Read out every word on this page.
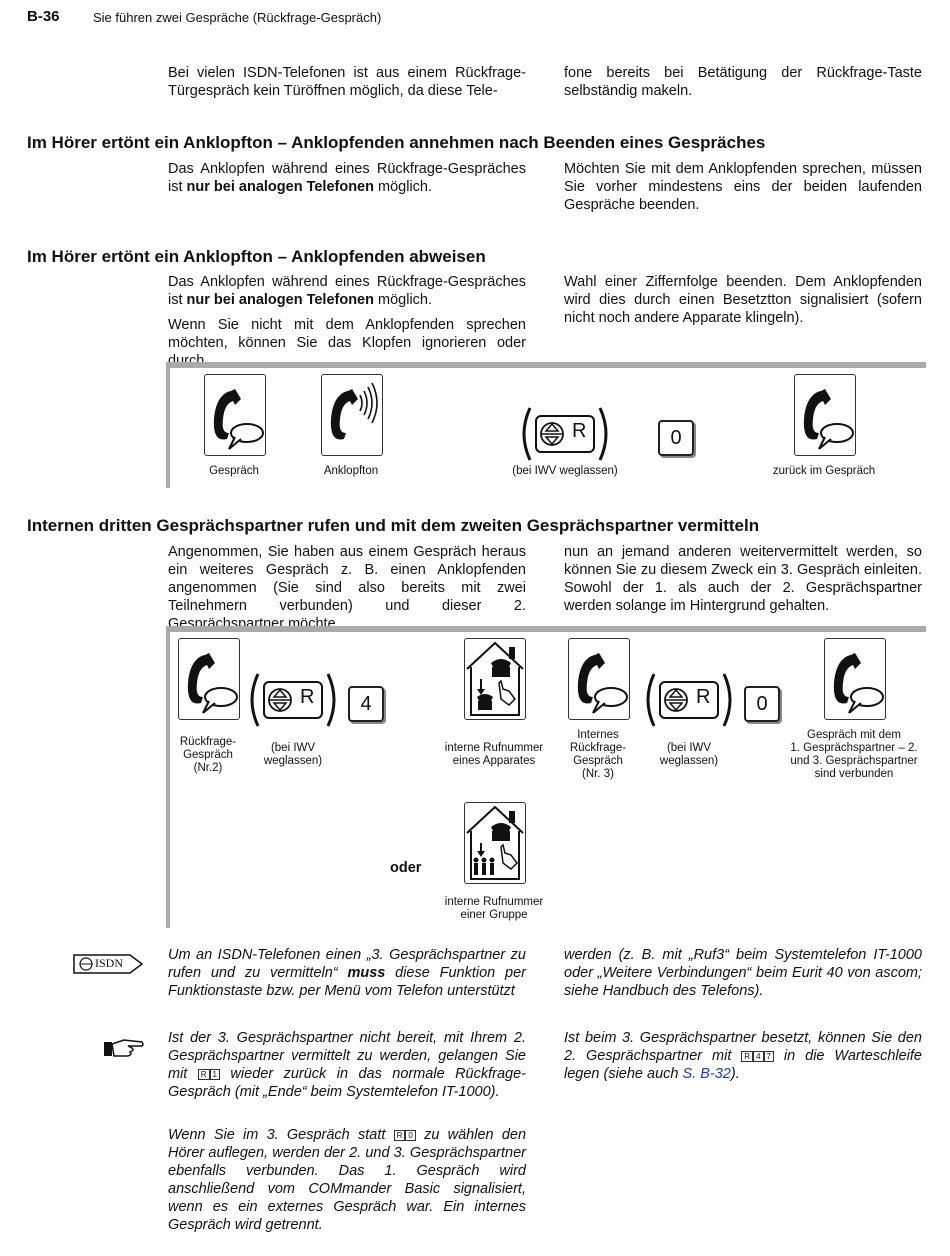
B-36	Sie führen zwei Gespräche (Rückfrage-Gespräch)

Bei vielen ISDN-Telefonen ist aus einem Rückfrage-Türgespräch kein Türöffnen möglich, da diese Tele-

fone bereits bei Betätigung der Rückfrage-Taste selbständig makeln.

Im Hörer ertönt ein Anklopfton – Anklopfenden annehmen nach Beenden eines Gespräches

Das Anklopfen während eines Rückfrage-Gespräches ist nur bei analogen Telefonen möglich.

Möchten Sie mit dem Anklopfenden sprechen, müssen Sie vorher mindestens eins der beiden laufenden Gespräche beenden.

Im Hörer ertönt ein Anklopfton – Anklopfenden abweisen

Das Anklopfen während eines Rückfrage-Gespräches ist nur bei analogen Telefonen möglich.

Wenn Sie nicht mit dem Anklopfenden sprechen möchten, können Sie das Klopfen ignorieren oder durch

Wahl einer Ziffernfolge beenden. Dem Anklopfenden wird dies durch einen Besetztton signalisiert (sofern nicht noch andere Apparate klingeln).

Gespräch	Anklopfton
R
(bei IWV weglassen)
0
zurück im Gespräch
Internen dritten Gesprächspartner rufen und mit dem zweiten Gesprächspartner vermitteln

Angenommen, Sie haben aus einem Gespräch heraus ein weiteres Gespräch z. B. einen Anklopfenden angenommen (Sie sind also bereits mit zwei Teilnehmern verbunden) und dieser 2. Gesprächspartner möchte

nun an jemand anderen weitervermittelt werden, so können Sie zu diesem Zweck ein 3. Gespräch einleiten. Sowohl der 1. als auch der 2. Gesprächspartner werden solange im Hintergrund gehalten.

Rückfrage-
Gespräch
(Nr.2)
R
(bei IWV
weglassen)
4
interne Rufnummer
eines Apparates
Internes
Rückfrage-
Gespräch
(Nr. 3)
R
(bei IWV
weglassen)
0
Gespräch mit dem
1. Gesprächspartner – 2.
und 3. Gesprächspartner
sind verbunden
oder
interne Rufnummer
einer Gruppe
ISDN	Um an ISDN-Telefonen einen „3. Gesprächspartner zu rufen und zu vermitteln“ muss diese Funktion per Funktionstaste bzw. per Menü vom Telefon unterstützt

werden (z. B. mit „Ruf3“ beim Systemtelefon IT-1000 oder „Weitere Verbindungen“ beim Eurit 40 von ascom; siehe Handbuch des Telefons).

Ist der 3. Gesprächspartner nicht bereit, mit Ihrem 2. Gesprächspartner vermittelt zu werden, gelangen Sie mit R 1 wieder zurück in das normale Rückfrage-Gespräch (mit „Ende“ beim Systemtelefon IT-1000).

Wenn Sie im 3. Gespräch statt R 0 zu wählen den Hörer auflegen, werden der 2. und 3. Gesprächspartner ebenfalls verbunden. Das 1. Gespräch wird anschließend vom COMmander Basic signalisiert, wenn es ein externes Gespräch war. Ein internes Gespräch wird getrennt.

Ist beim 3. Gesprächspartner besetzt, können Sie den 2. Gesprächspartner mit R 4 7 in die Warteschleife legen (siehe auch S. B-32).
